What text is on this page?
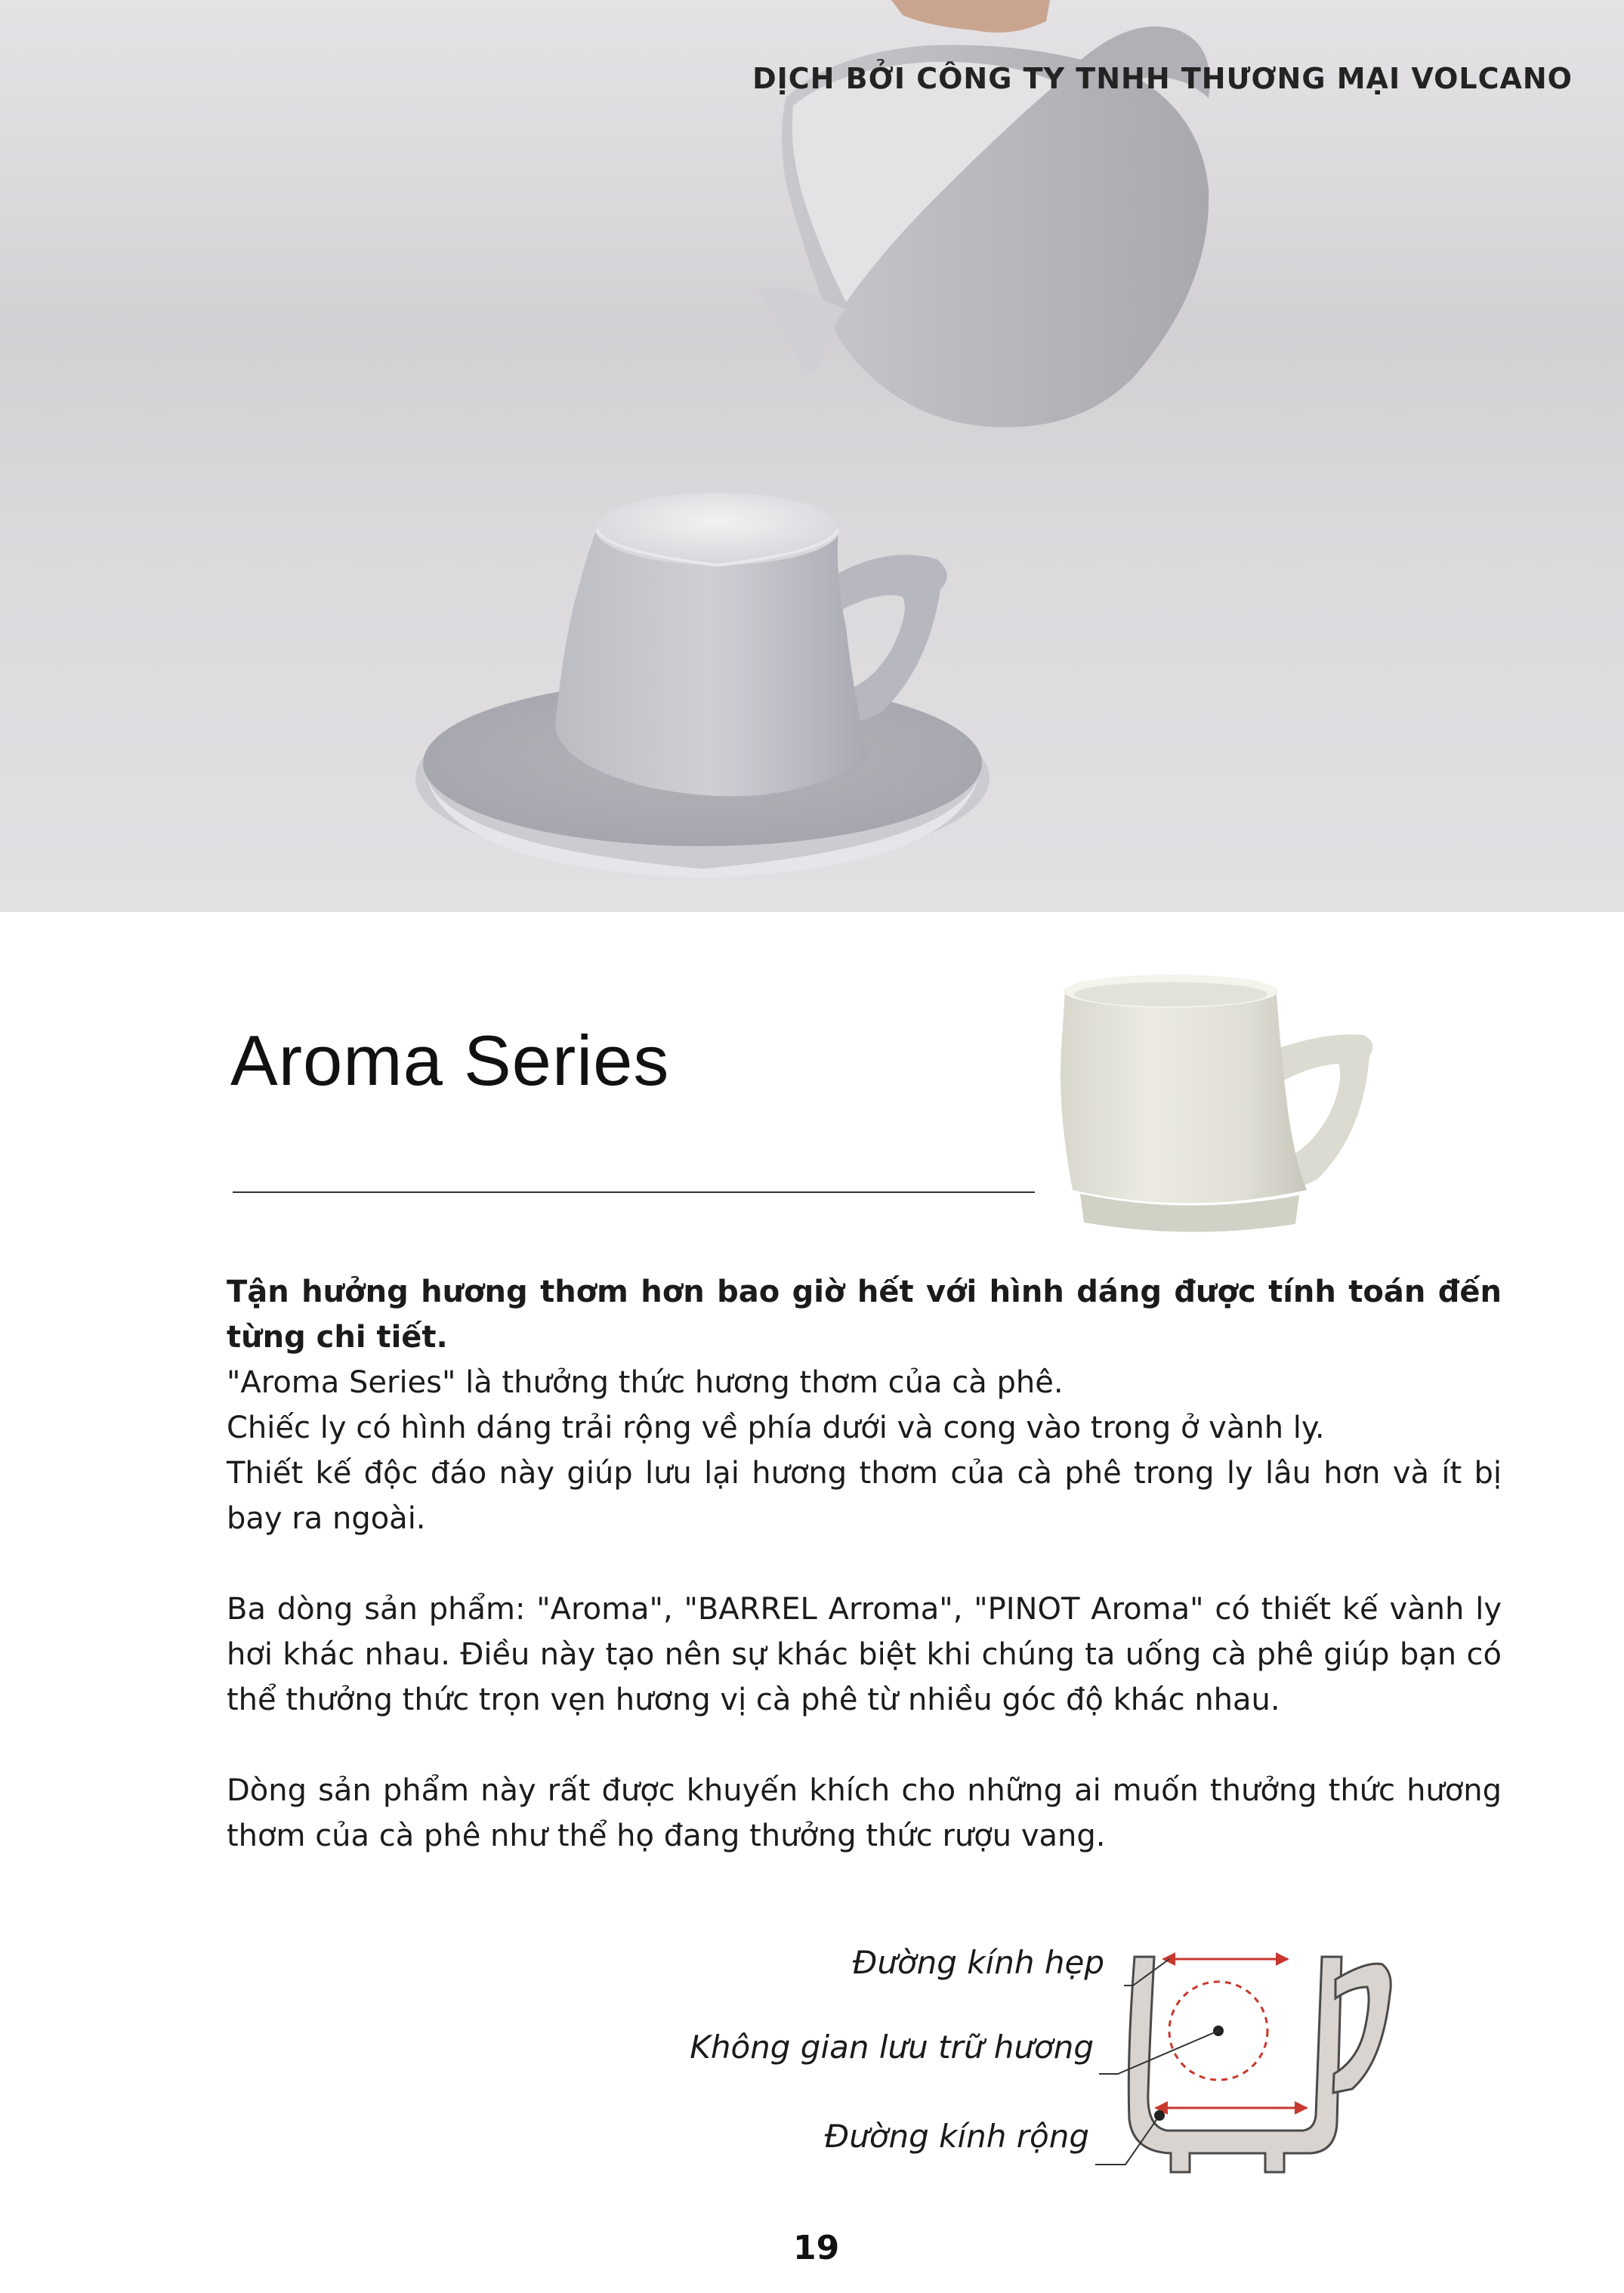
DỊCH BỞI CÔNG TY TNHH THƯƠNG MẠI VOLCANO
Aroma Series

Tận hưởng hương thơm hơn bao giờ hết với hình dáng được tính toán đến từng chi tiết.

"Aroma Series" là thưởng thức hương thơm của cà phê.

Chiếc ly có hình dáng trải rộng về phía dưới và cong vào trong ở vành ly.

Thiết kế độc đáo này giúp lưu lại hương thơm của cà phê trong ly lâu hơn và ít bị bay ra ngoài.

Ba dòng sản phẩm: "Aroma", "BARREL Arroma", "PINOT Aroma" có thiết kế vành ly hơi khác nhau. Điều này tạo nên sự khác biệt khi chúng ta uống cà phê giúp bạn có thể thưởng thức trọn vẹn hương vị cà phê từ nhiều góc độ khác nhau.

Dòng sản phẩm này rất được khuyến khích cho những ai muốn thưởng thức hương thơm của cà phê như thể họ đang thưởng thức rượu vang.

Đường kính hẹp
Không gian lưu trữ hương
Đường kính rộng
19
